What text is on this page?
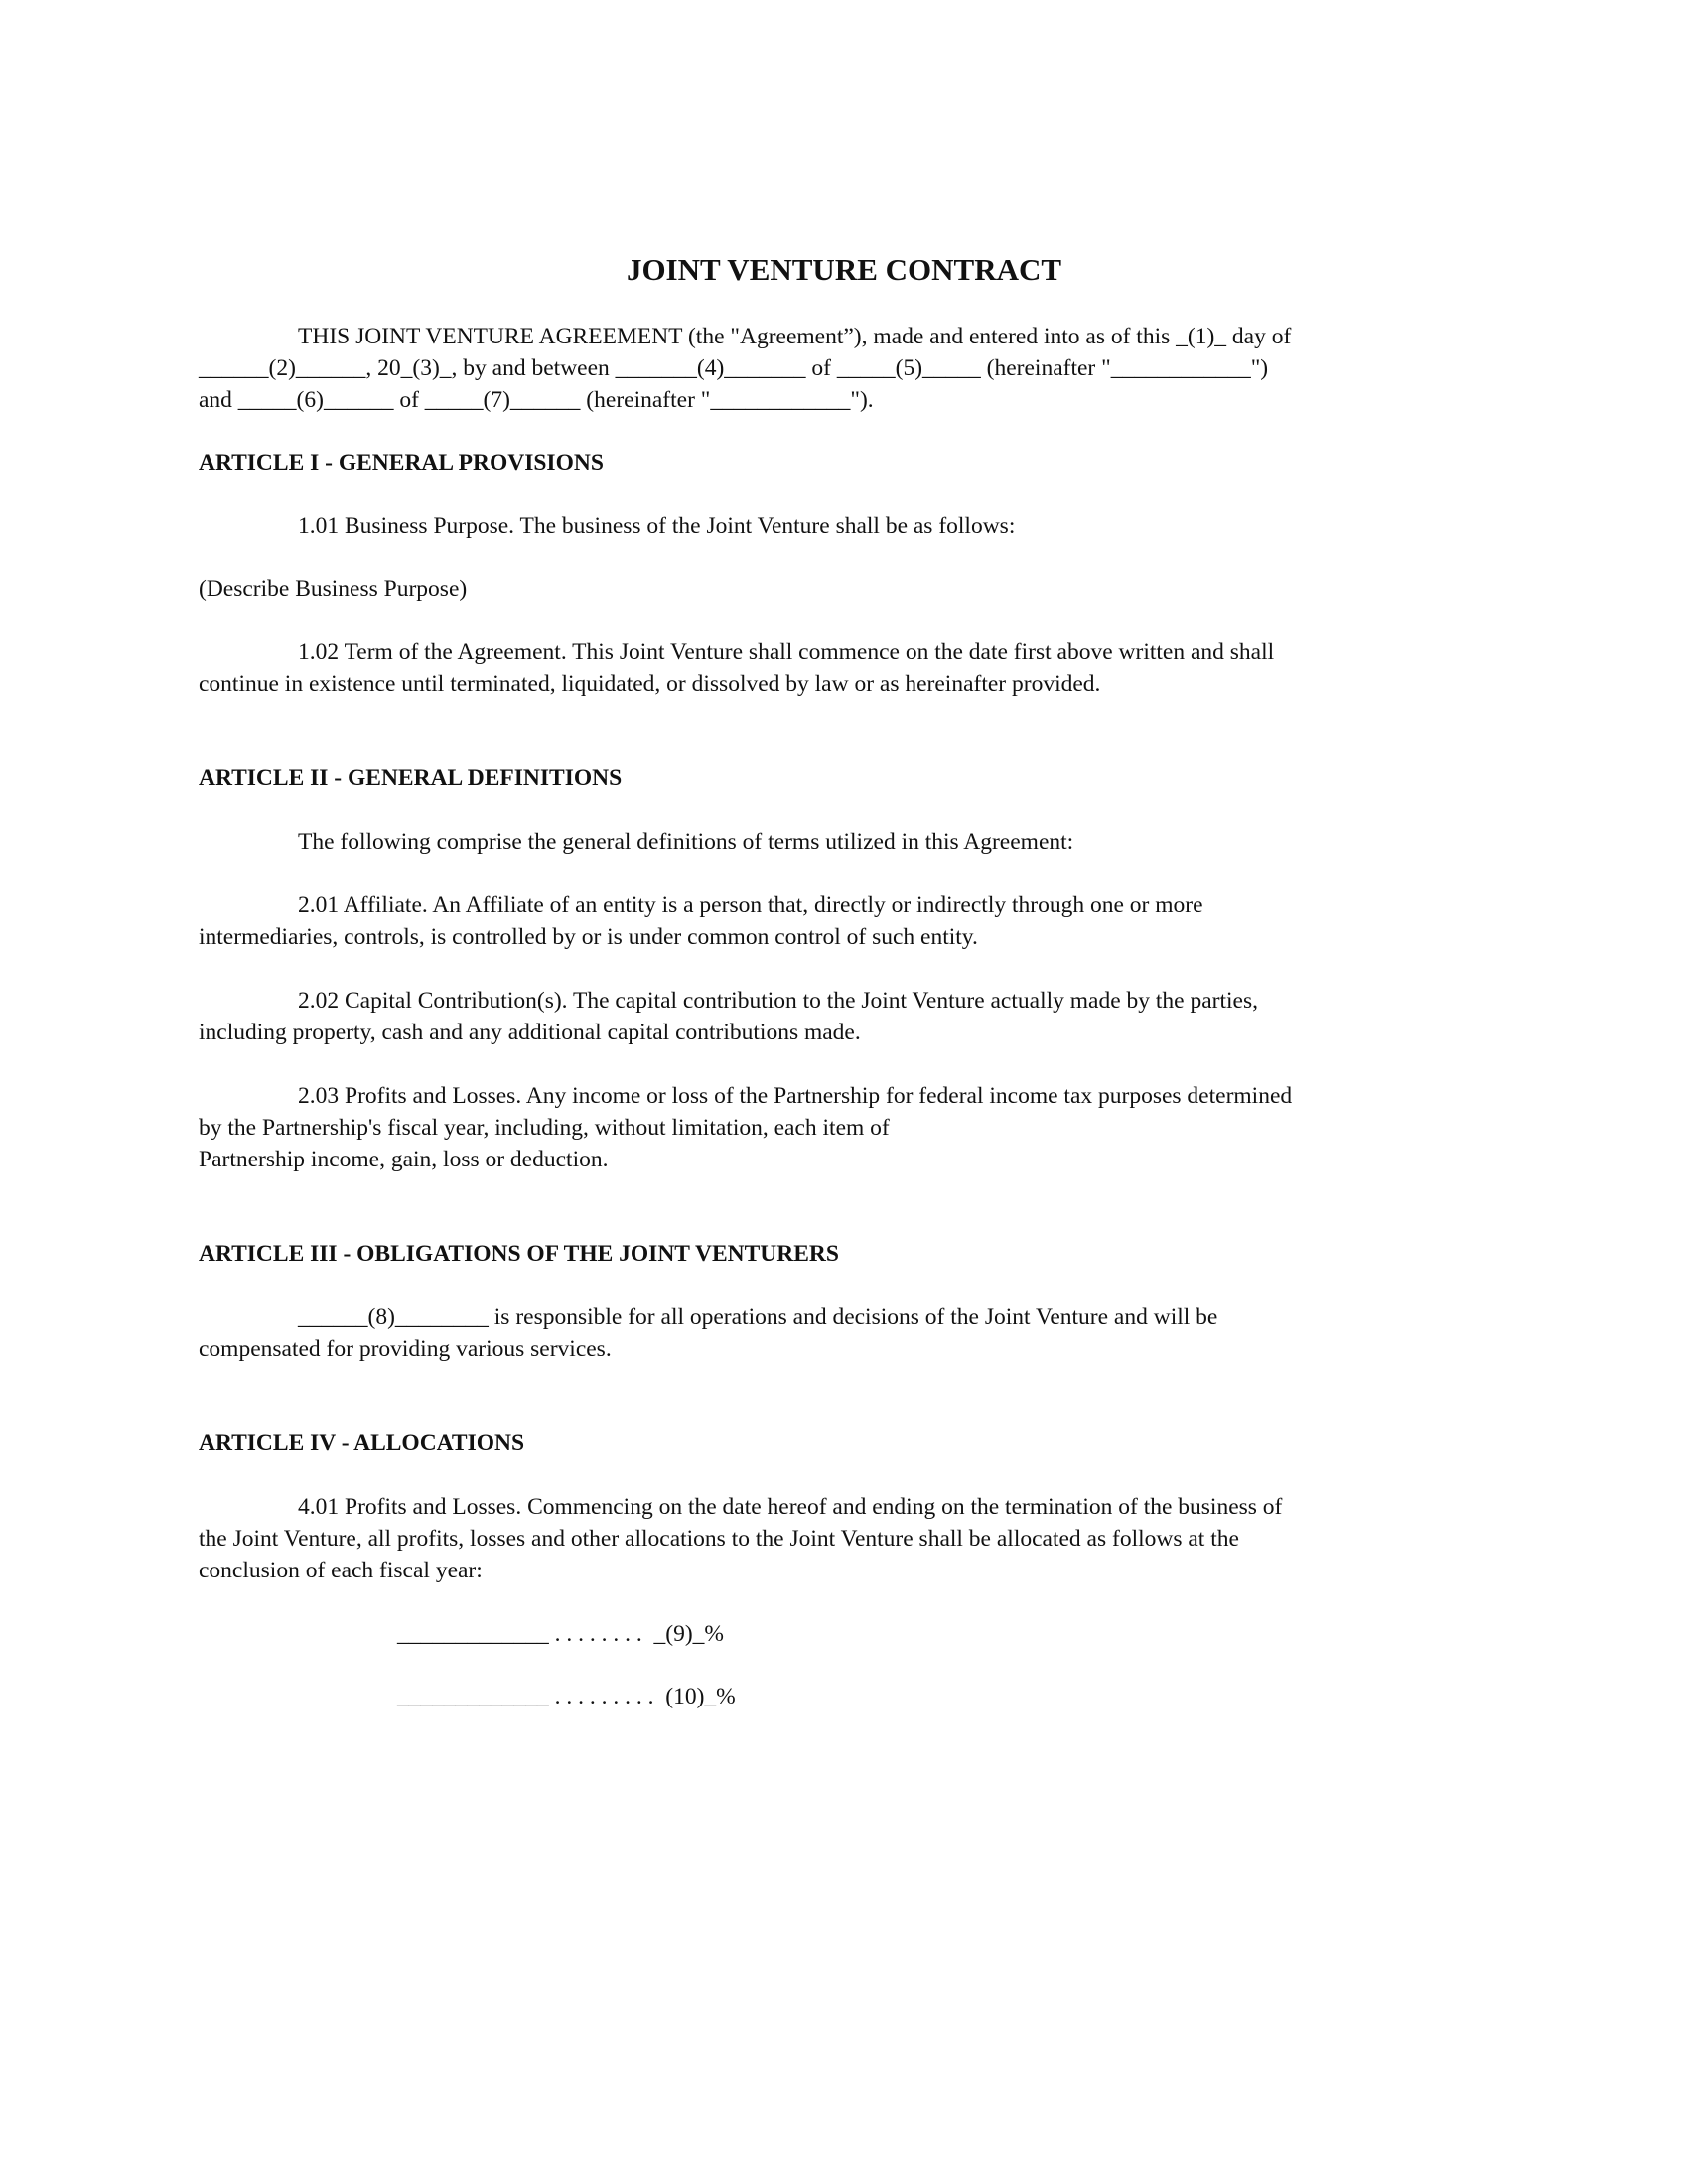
JOINT VENTURE CONTRACT

THIS JOINT VENTURE AGREEMENT (the "Agreement”), made and entered into as of this _(1)_ day of

______(2)______, 20_(3)_, by and between _______(4)_______ of _____(5)_____ (hereinafter "____________")

and _____(6)______ of _____(7)______ (hereinafter "____________").

ARTICLE I - GENERAL PROVISIONS

1.01 Business Purpose. The business of the Joint Venture shall be as follows:

(Describe Business Purpose)

1.02 Term of the Agreement. This Joint Venture shall commence on the date first above written and shall

continue in existence until terminated, liquidated, or dissolved by law or as hereinafter provided.

ARTICLE II - GENERAL DEFINITIONS

The following comprise the general definitions of terms utilized in this Agreement:

2.01 Affiliate. An Affiliate of an entity is a person that, directly or indirectly through one or more

intermediaries, controls, is controlled by or is under common control of such entity.

2.02 Capital Contribution(s). The capital contribution to the Joint Venture actually made by the parties,

including property, cash and any additional capital contributions made.

2.03 Profits and Losses. Any income or loss of the Partnership for federal income tax purposes determined

by the Partnership's fiscal year, including, without limitation, each item of

Partnership income, gain, loss or deduction.

ARTICLE III - OBLIGATIONS OF THE JOINT VENTURERS

______(8)________ is responsible for all operations and decisions of the Joint Venture and will be

compensated for providing various services.

ARTICLE IV - ALLOCATIONS

4.01 Profits and Losses. Commencing on the date hereof and ending on the termination of the business of

the Joint Venture, all profits, losses and other allocations to the Joint Venture shall be allocated as follows at the

conclusion of each fiscal year:

_____________ . . . . . . . .  _(9)_%

_____________ . . . . . . . . .  (10)_%
